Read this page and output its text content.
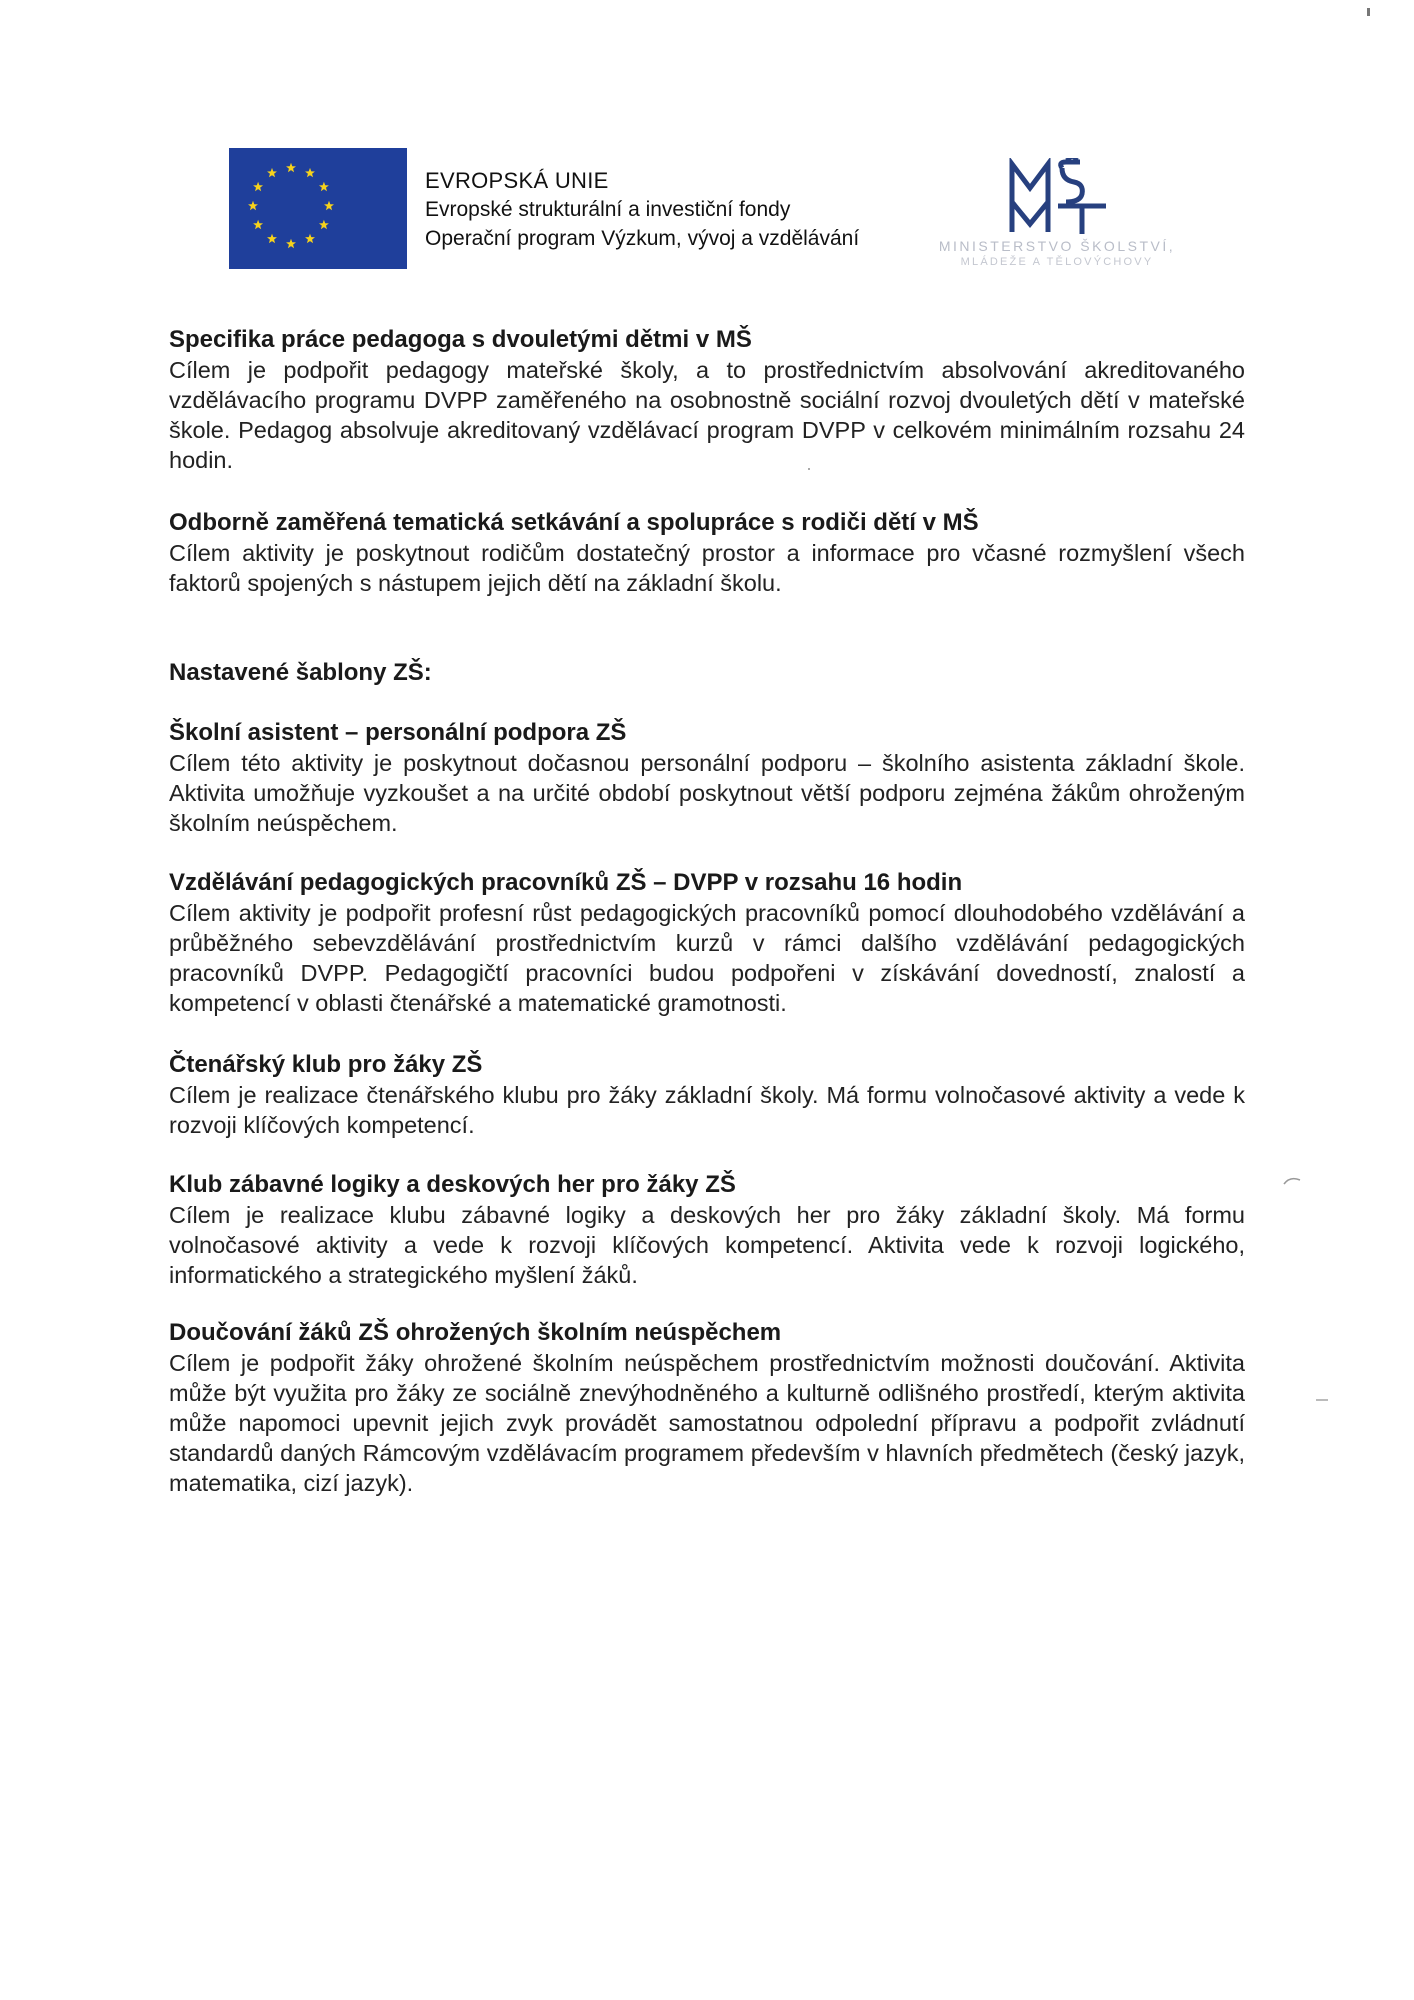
EVROPSKÁ UNIE
Evropské strukturální a investiční fondy
Operační program Výzkum, vývoj a vzdělávání	MINISTERSTVO ŠKOLSTVÍ,
MLÁDEŽE A TĚLOVÝCHOVY

Specifika práce pedagoga s dvouletými dětmi v MŠ

Cílem je podpořit pedagogy mateřské školy, a to prostřednictvím absolvování akreditovaného vzdělávacího programu DVPP zaměřeného na osobnostně sociální rozvoj dvouletých dětí v mateřské škole. Pedagog absolvuje akreditovaný vzdělávací program DVPP v celkovém minimálním rozsahu 24 hodin.

Odborně zaměřená tematická setkávání a spolupráce s rodiči dětí v MŠ

Cílem aktivity je poskytnout rodičům dostatečný prostor a informace pro včasné rozmyšlení všech faktorů spojených s nástupem jejich dětí na základní školu.

Nastavené šablony ZŠ:

Školní asistent – personální podpora ZŠ

Cílem této aktivity je poskytnout dočasnou personální podporu – školního asistenta základní škole. Aktivita umožňuje vyzkoušet a na určité období poskytnout větší podporu zejména žákům ohroženým školním neúspěchem.

Vzdělávání pedagogických pracovníků ZŠ – DVPP v rozsahu 16 hodin

Cílem aktivity je podpořit profesní růst pedagogických pracovníků pomocí dlouhodobého vzdělávání a průběžného sebevzdělávání prostřednictvím kurzů v rámci dalšího vzdělávání pedagogických pracovníků DVPP. Pedagogičtí pracovníci budou podpořeni v získávání dovedností, znalostí a kompetencí v oblasti čtenářské a matematické gramotnosti.

Čtenářský klub pro žáky ZŠ

Cílem je realizace čtenářského klubu pro žáky základní školy. Má formu volnočasové aktivity a vede k rozvoji klíčových kompetencí.

Klub zábavné logiky a deskových her pro žáky ZŠ

Cílem je realizace klubu zábavné logiky a deskových her pro žáky základní školy. Má formu volnočasové aktivity a vede k rozvoji klíčových kompetencí. Aktivita vede k rozvoji logického, informatického a strategického myšlení žáků.

Doučování žáků ZŠ ohrožených školním neúspěchem

Cílem je podpořit žáky ohrožené školním neúspěchem prostřednictvím možnosti doučování. Aktivita může být využita pro žáky ze sociálně znevýhodněného a kulturně odlišného prostředí, kterým aktivita může napomoci upevnit jejich zvyk provádět samostatnou odpolední přípravu a podpořit zvládnutí standardů daných Rámcovým vzdělávacím programem především v hlavních předmětech (český jazyk, matematika, cizí jazyk).
